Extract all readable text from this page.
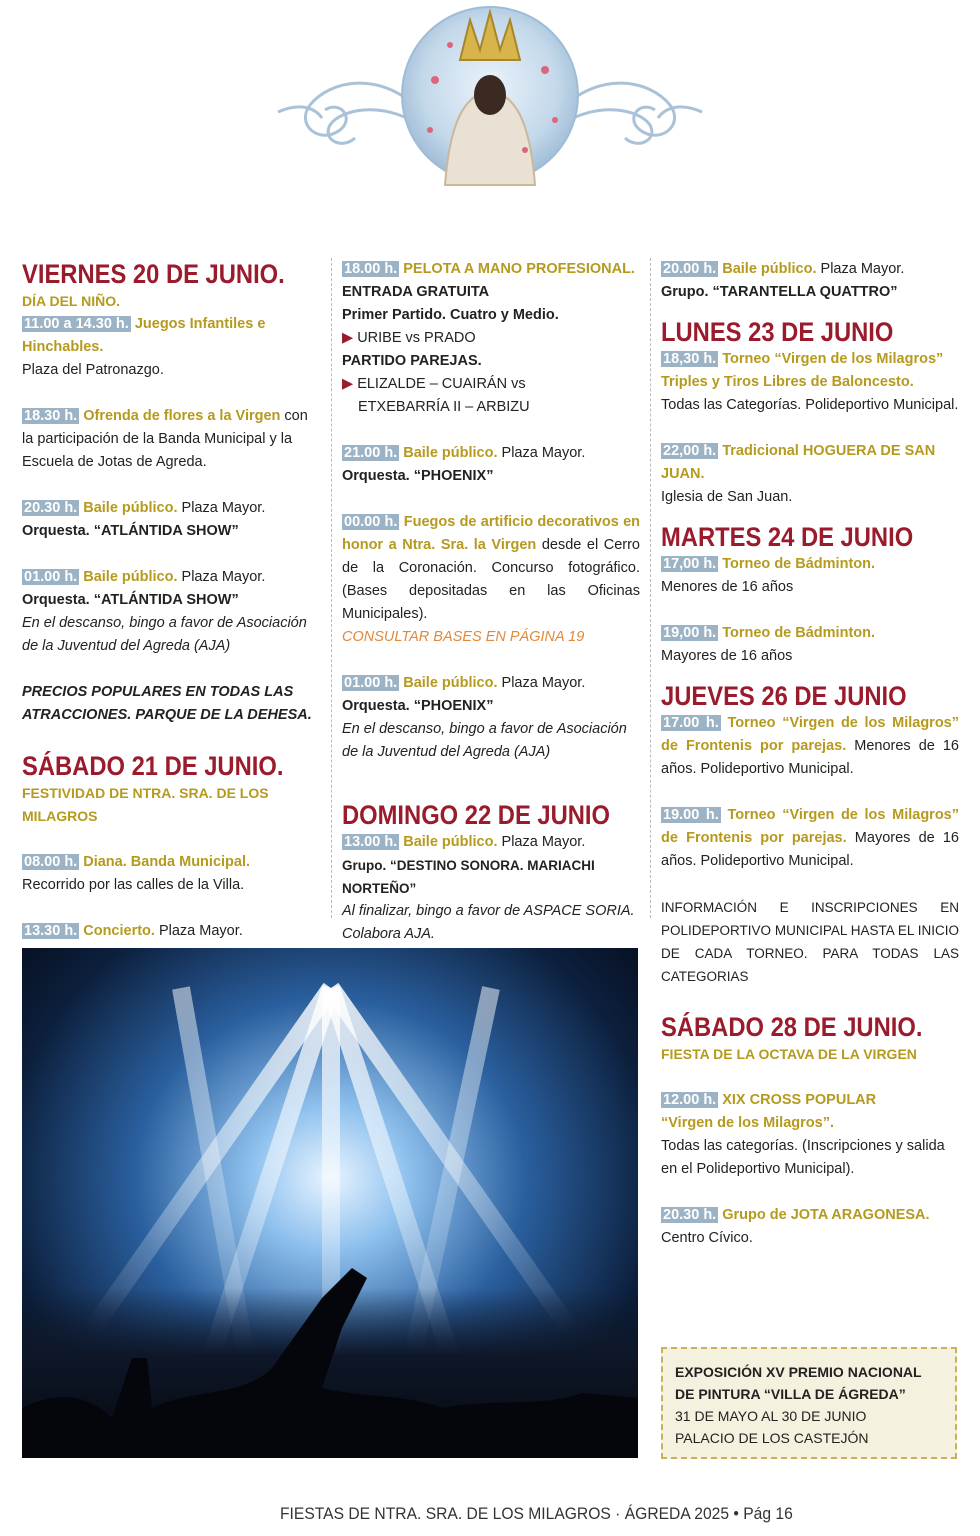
VIERNES 20 DE JUNIO.
DÍA DEL NIÑO.
11.00 a 14.30 h. Juegos Infantiles e Hinchables.
Plaza del Patronazgo.
18.30 h. Ofrenda de flores a la Virgen con la participación de la Banda Municipal y la Escuela de Jotas de Agreda.
20.30 h. Baile público. Plaza Mayor.
Orquesta. “ATLÁNTIDA SHOW”
01.00 h. Baile público. Plaza Mayor.
Orquesta. “ATLÁNTIDA SHOW”
En el descanso, bingo a favor de Asociación de la Juventud del Agreda (AJA)
PRECIOS POPULARES EN TODAS LAS ATRACCIONES. PARQUE DE LA DEHESA.
SÁBADO 21 DE JUNIO.
FESTIVIDAD DE NTRA. SRA. DE LOS MILAGROS
08.00 h. Diana. Banda Municipal.
Recorrido por las calles de la Villa.
13.30 h. Concierto. Plaza Mayor.
18.00 h. PELOTA A MANO PROFESIONAL.
ENTRADA GRATUITA
Primer Partido. Cuatro y Medio.
▶ URIBE vs PRADO
PARTIDO PAREJAS.
▶ ELIZALDE – CUAIRÁN vs
ETXEBARRÍA II – ARBIZU
21.00 h. Baile público. Plaza Mayor.
Orquesta. “PHOENIX”
00.00 h. Fuegos de artificio decorativos en honor a Ntra. Sra. la Virgen desde el Cerro de la Coronación. Concurso fotográfico. (Bases depositadas en las Oficinas Municipales).
CONSULTAR BASES EN PÁGINA 19
01.00 h. Baile público. Plaza Mayor.
Orquesta. “PHOENIX”
En el descanso, bingo a favor de Asociación de la Juventud del Agreda (AJA)
DOMINGO 22 DE JUNIO
13.00 h. Baile público. Plaza Mayor.
Grupo. “DESTINO SONORA. MARIACHI NORTEÑO”
Al finalizar, bingo a favor de ASPACE SORIA. Colabora AJA.
20.00 h. Baile público. Plaza Mayor.
Grupo. “TARANTELLA QUATTRO”
LUNES 23 DE JUNIO
18,30 h. Torneo “Virgen de los Milagros” Triples y Tiros Libres de Baloncesto.
Todas las Categorías. Polideportivo Municipal.
22,00 h. Tradicional HOGUERA DE SAN JUAN.
Iglesia de San Juan.
MARTES 24 DE JUNIO
17,00 h. Torneo de Bádminton.
Menores de 16 años
19,00 h. Torneo de Bádminton.
Mayores de 16 años
JUEVES 26 DE JUNIO
17.00 h. Torneo “Virgen de los Milagros” de Frontenis por parejas. Menores de 16 años. Polideportivo Municipal.
19.00 h. Torneo “Virgen de los Milagros” de Frontenis por parejas. Mayores de 16 años. Polideportivo Municipal.
INFORMACIÓN E INSCRIPCIONES EN POLIDEPORTIVO MUNICIPAL HASTA EL INICIO DE CADA TORNEO. PARA TODAS LAS CATEGORIAS
SÁBADO 28 DE JUNIO.
FIESTA DE LA OCTAVA DE LA VIRGEN
12.00 h. XIX CROSS POPULAR
“Virgen de los Milagros”.
Todas las categorías. (Inscripciones y salida en el Polideportivo Municipal).
20.30 h. Grupo de JOTA ARAGONESA.
Centro Cívico.
EXPOSICIÓN XV PREMIO NACIONAL
DE PINTURA “VILLA DE ÁGREDA”
31 DE MAYO AL 30 DE JUNIO
PALACIO DE LOS CASTEJÓN
FIESTAS DE NTRA. SRA. DE LOS MILAGROS · ÁGREDA 2025 • Pág 16
